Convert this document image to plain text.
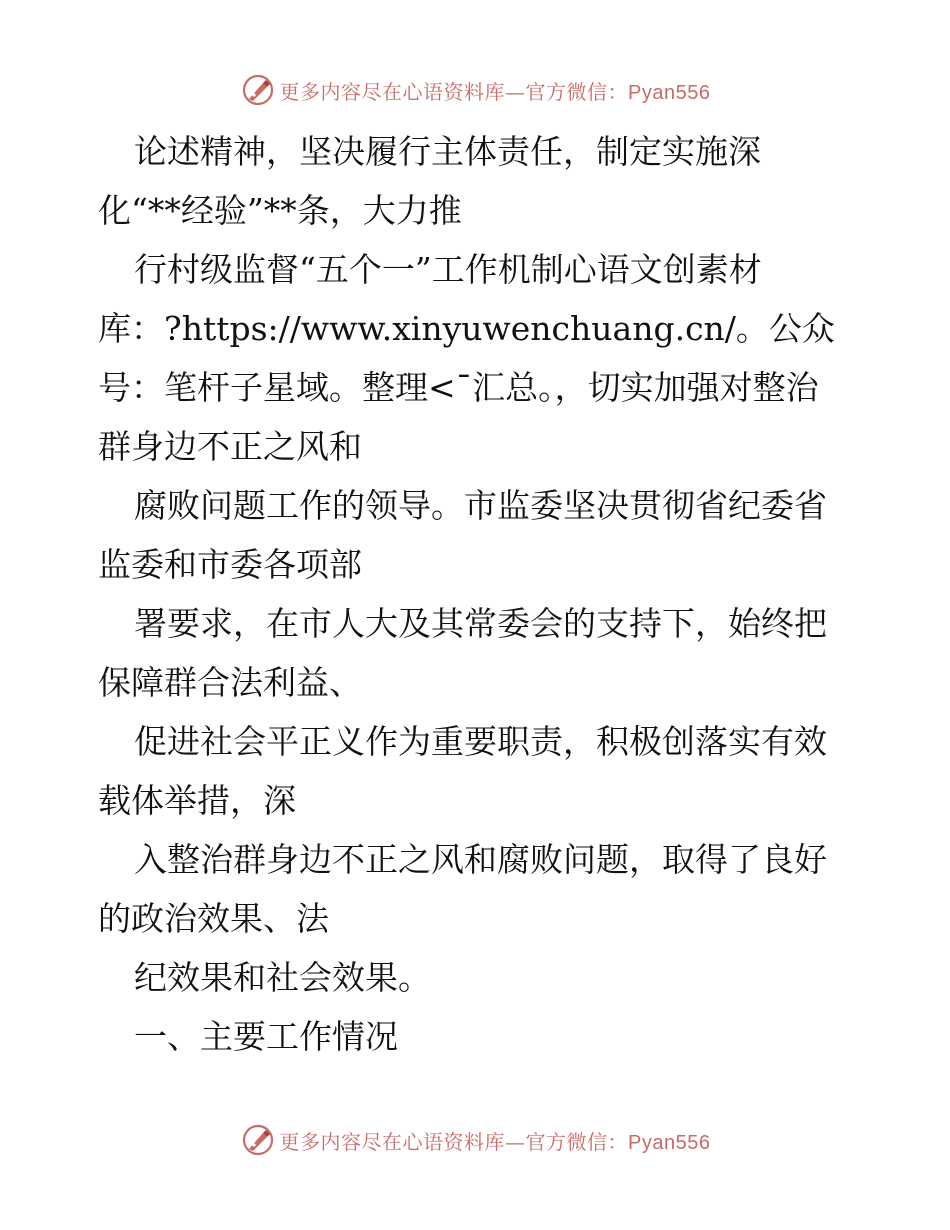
更多内容尽在心语资料库—官方微信：Pyan556
论述精神，坚决履行主体责任，制定实施深
化“**经验”**条，大力推
行村级监督“五个一”工作机制心语文创素材
库：?https://www.xinyuwenchuang.cn/。公众
号：笔杆子星域。整理<¯汇总。，切实加强对整治
群身边不正之风和
腐败问题工作的领导。市监委坚决贯彻省纪委省
监委和市委各项部
署要求，在市人大及其常委会的支持下，始终把
保障群合法利益、
促进社会平正义作为重要职责，积极创落实有效
载体举措，深
入整治群身边不正之风和腐败问题，取得了良好
的政治效果、法
纪效果和社会效果。
一、主要工作情况
更多内容尽在心语资料库—官方微信：Pyan556
